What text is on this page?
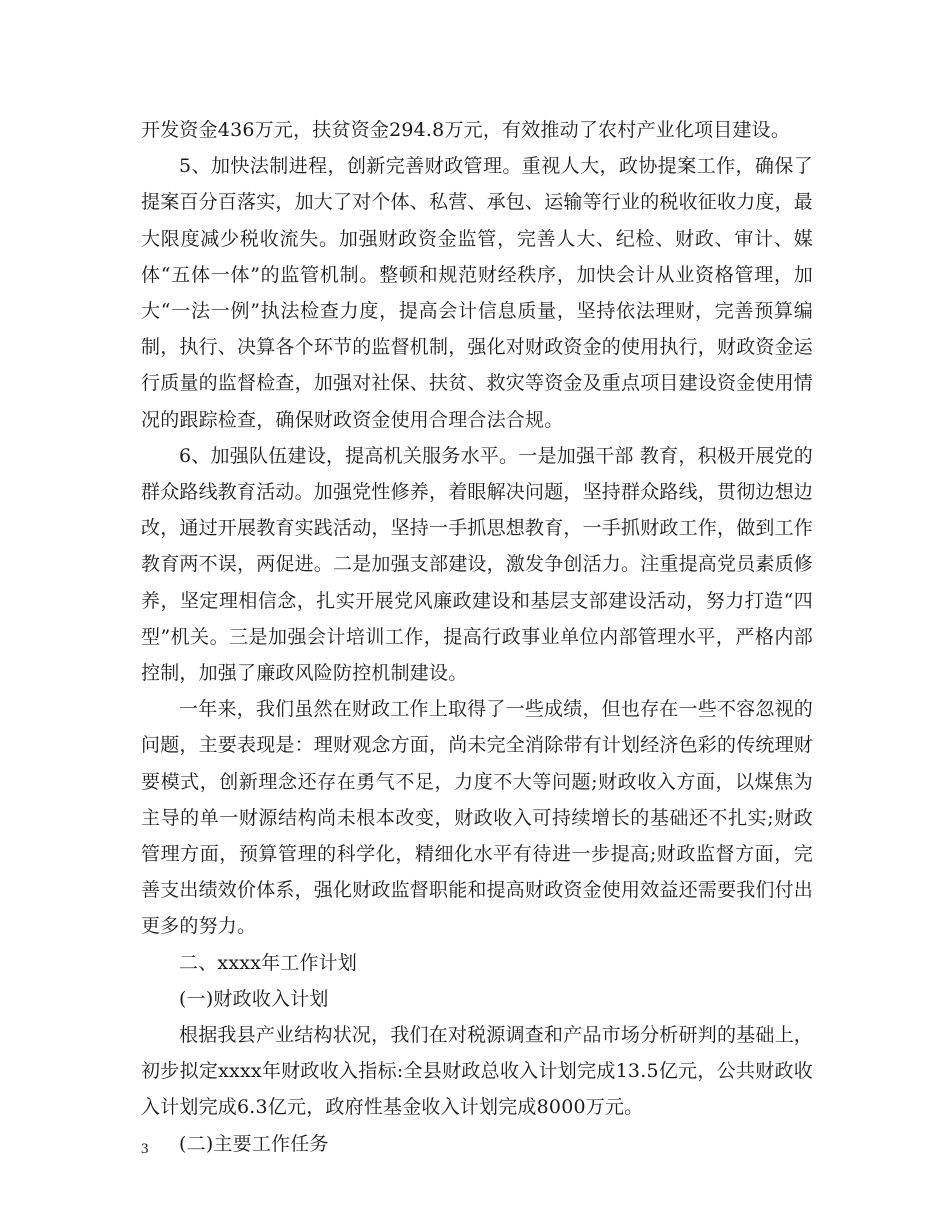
开发资金436万元，扶贫资金294.8万元，有效推动了农村产业化项目建设。

5、加快法制进程，创新完善财政管理。重视人大，政协提案工作，确保了提案百分百落实，加大了对个体、私营、承包、运输等行业的税收征收力度，最大限度减少税收流失。加强财政资金监管，完善人大、纪检、财政、审计、媒体“五体一体”的监管机制。整顿和规范财经秩序，加快会计从业资格管理，加大“一法一例”执法检查力度，提高会计信息质量，坚持依法理财，完善预算编制，执行、决算各个环节的监督机制，强化对财政资金的使用执行，财政资金运行质量的监督检查，加强对社保、扶贫、救灾等资金及重点项目建设资金使用情况的跟踪检查，确保财政资金使用合理合法合规。

6、加强队伍建设，提高机关服务水平。一是加强干部 教育，积极开展党的群众路线教育活动。加强党性修养，着眼解决问题，坚持群众路线，贯彻边想边改，通过开展教育实践活动，坚持一手抓思想教育，一手抓财政工作，做到工作教育两不误，两促进。二是加强支部建设，激发争创活力。注重提高党员素质修养，坚定理相信念，扎实开展党风廉政建设和基层支部建设活动，努力打造“四型”机关。三是加强会计培训工作，提高行政事业单位内部管理水平，严格内部控制，加强了廉政风险防控机制建设。

一年来，我们虽然在财政工作上取得了一些成绩，但也存在一些不容忽视的问题，主要表现是：理财观念方面，尚未完全消除带有计划经济色彩的传统理财要模式，创新理念还存在勇气不足，力度不大等问题;财政收入方面，以煤焦为主导的单一财源结构尚未根本改变，财政收入可持续增长的基础还不扎实;财政管理方面，预算管理的科学化，精细化水平有待进一步提高;财政监督方面，完善支出绩效价体系，强化财政监督职能和提高财政资金使用效益还需要我们付出更多的努力。

二、xxxx年工作计划

(一)财政收入计划

根据我县产业结构状况，我们在对税源调查和产品市场分析研判的基础上，初步拟定xxxx年财政收入指标:全县财政总收入计划完成13.5亿元，公共财政收入计划完成6.3亿元，政府性基金收入计划完成8000万元。

(二)主要工作任务

3
